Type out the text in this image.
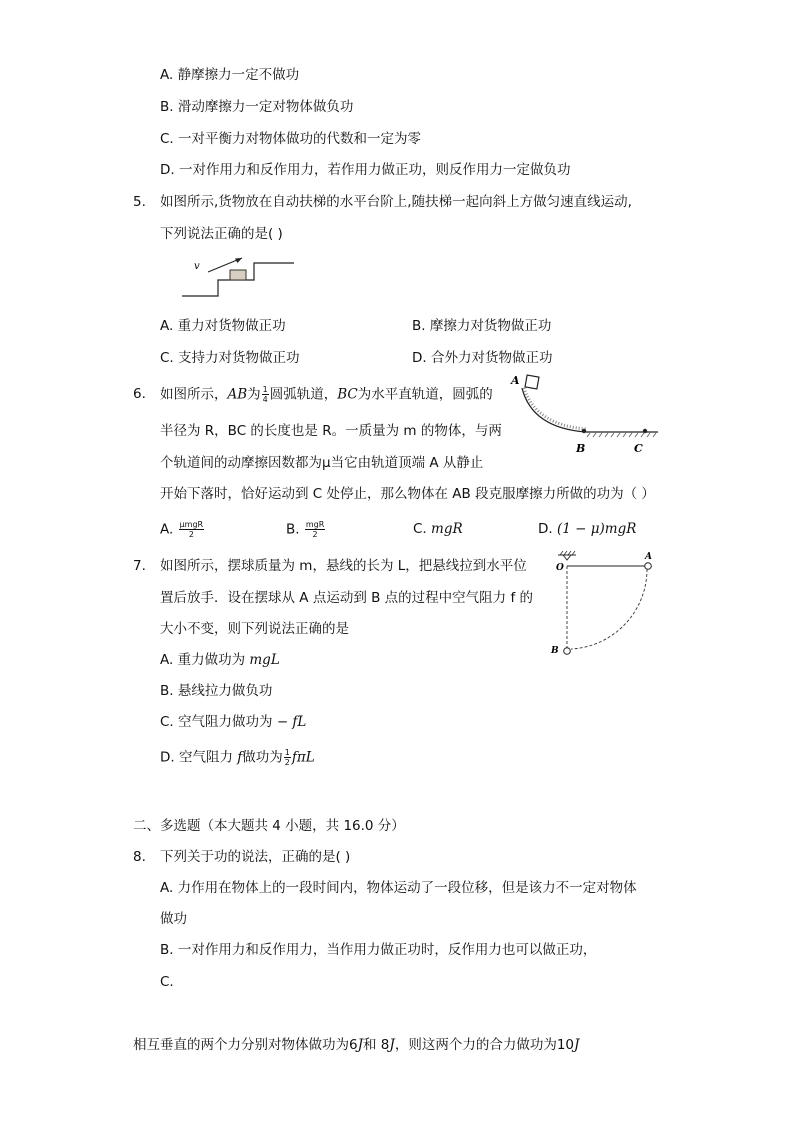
A. 静摩擦力一定不做功
B. 滑动摩擦力一定对物体做负功
C. 一对平衡力对物体做功的代数和一定为零
D. 一对作用力和反作用力，若作用力做正功，则反作用力一定做负功
5. 如图所示,货物放在自动扶梯的水平台阶上,随扶梯一起向斜上方做匀速直线运动,
下列说法正确的是( )
v
A. 重力对货物做正功	B. 摩擦力对货物做正功
C. 支持力对货物做正功	D. 合外力对货物做正功
6. 如图所示，AB为 $\frac{1}{4}$ 圆弧轨道，BC为水平直轨道，圆弧的
半径为 R，BC 的长度也是 R。一质量为 m 的物体，与两
个轨道间的动摩擦因数都为μ当它由轨道顶端 A 从静止
开始下落时，恰好运动到 C 处停止，那么物体在 AB 段克服摩擦力所做的功为（ ）
A
B	C
A. $\frac{\text{μmgR}}{2}$	B. $\frac{\text{mgR}}{2}$	C. mgR	D. (1 − μ)mgR
7. 如图所示，摆球质量为 m，悬线的长为 L，把悬线拉到水平位
置后放手．设在摆球从 A 点运动到 B 点的过程中空气阻力 f 的
大小不变，则下列说法正确的是
O
A
B
A. 重力做功为 mgL
B. 悬线拉力做负功
C. 空气阻力做功为 − fL
D. 空气阻力 f做功为 $\frac{1}{2}$ fπL
二、多选题（本大题共 4 小题，共 16.0 分）
8. 下列关于功的说法，正确的是( )
A. 力作用在物体上的一段时间内，物体运动了一段位移，但是该力不一定对物体
做功
B. 一对作用力和反作用力，当作用力做正功时，反作用力也可以做正功，
C.
相互垂直的两个力分别对物体做功为6J和 8J，则这两个力的合力做功为10J
